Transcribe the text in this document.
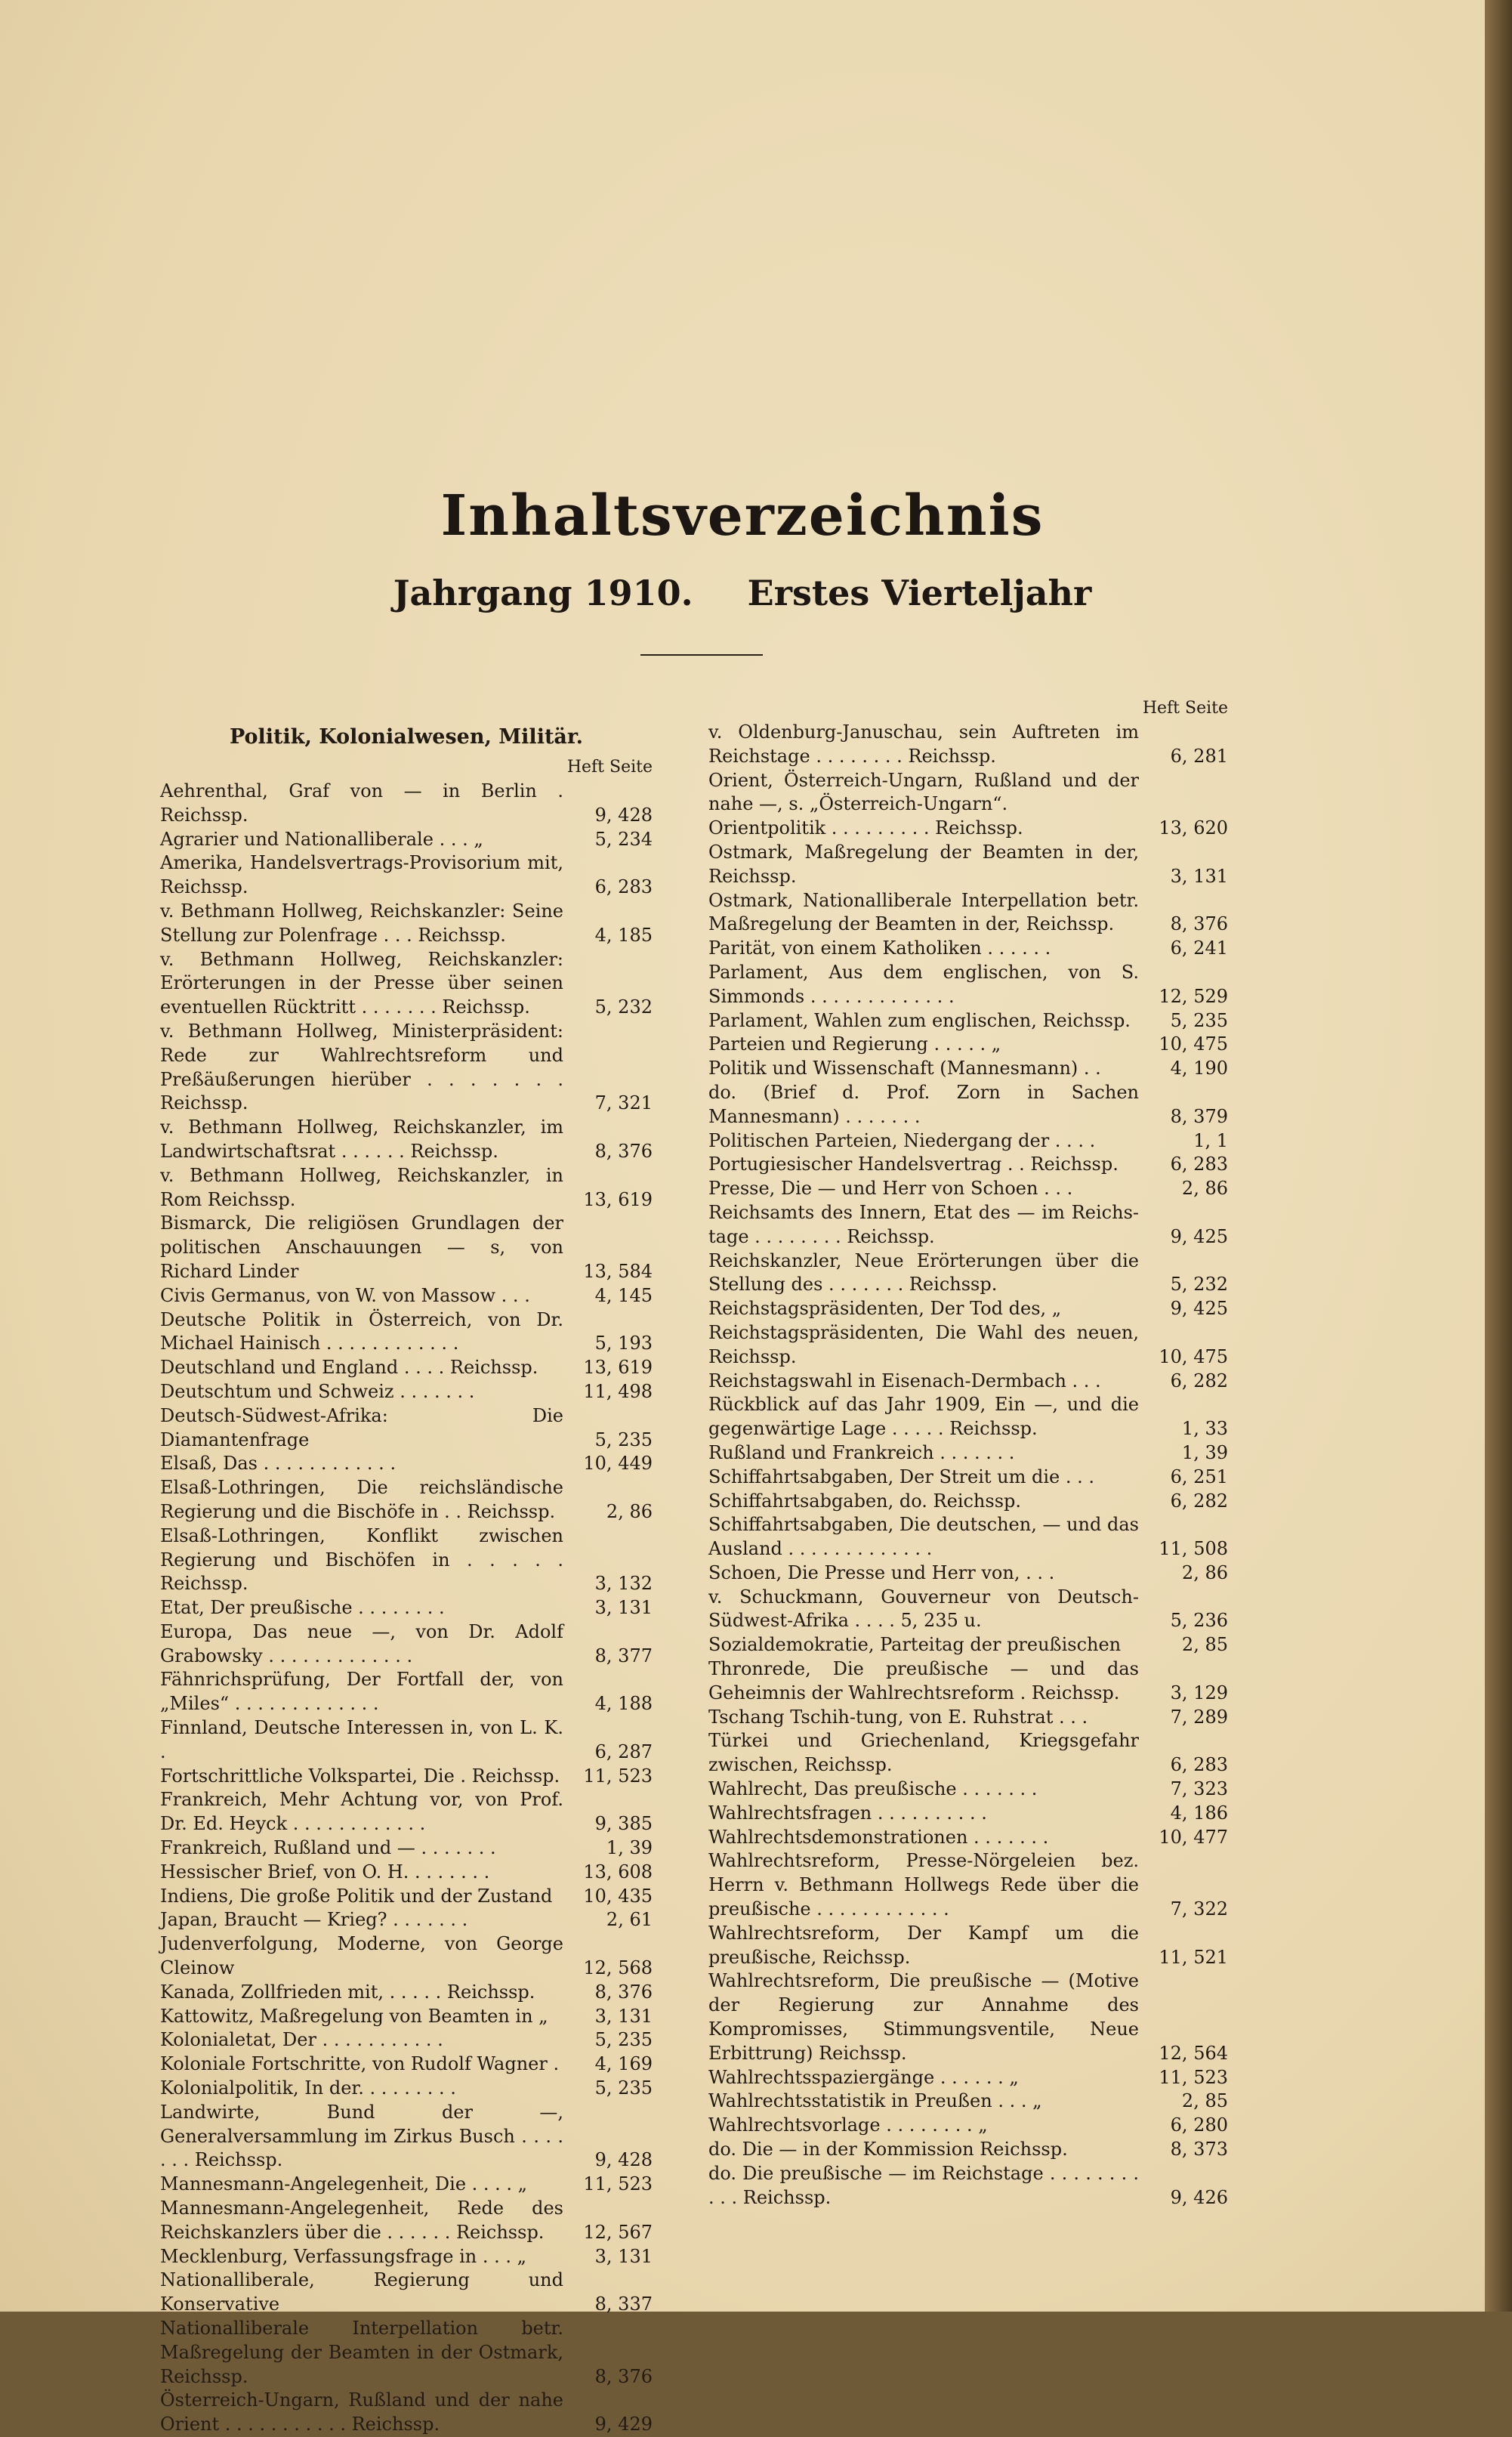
Inhaltsverzeichnis
Jahrgang 1910. Erstes Vierteljahr
Politik, Kolonialwesen, Militär.
Heft Seite
Aehrenthal, Graf von — in Berlin . Reichssp.	9, 428
Agrarier und Nationalliberale . . . „	5, 234
Amerika, Handelsvertrags-Provisorium mit, Reichssp.	6, 283
v. Bethmann Hollweg, Reichskanzler: Seine Stellung zur Polenfrage . . . Reichssp.	4, 185
v. Bethmann Hollweg, Reichskanzler: Erörterungen in der Presse über seinen eventuellen Rücktritt . . . . . . . Reichssp.	5, 232
v. Bethmann Hollweg, Ministerpräsident: Rede zur Wahlrechtsreform und Preßäußerungen hierüber . . . . . . . Reichssp.	7, 321
v. Bethmann Hollweg, Reichskanzler, im Landwirtschaftsrat . . . . . . Reichssp.	8, 376
v. Bethmann Hollweg, Reichskanzler, in Rom Reichssp.	13, 619
Bismarck, Die religiösen Grundlagen der politischen Anschauungen — s, von Richard Linder	13, 584
Civis Germanus, von W. von Massow . . .	4, 145
Deutsche Politik in Österreich, von Dr. Michael Hainisch . . . . . . . . . . . .	5, 193
Deutschland und England . . . . Reichssp.	13, 619
Deutschtum und Schweiz . . . . . . .	11, 498
Deutsch-Südwest-Afrika: Die Diamantenfrage	5, 235
Elsaß, Das . . . . . . . . . . . .	10, 449
Elsaß-Lothringen, Die reichsländische Regierung und die Bischöfe in . . Reichssp.	2, 86
Elsaß-Lothringen, Konflikt zwischen Regierung und Bischöfen in . . . . . Reichssp.	3, 132
Etat, Der preußische . . . . . . . .	3, 131
Europa, Das neue —, von Dr. Adolf Grabowsky . . . . . . . . . . . . .	8, 377
Fähnrichsprüfung, Der Fortfall der, von „Miles“ . . . . . . . . . . . . .	4, 188
Finnland, Deutsche Interessen in, von L. K. .	6, 287
Fortschrittliche Volkspartei, Die . Reichssp.	11, 523
Frankreich, Mehr Achtung vor, von Prof. Dr. Ed. Heyck . . . . . . . . . . . .	9, 385
Frankreich, Rußland und — . . . . . . .	1, 39
Hessischer Brief, von O. H. . . . . . . .	13, 608
Indiens, Die große Politik und der Zustand	10, 435
Japan, Braucht — Krieg? . . . . . . .	2, 61
Judenverfolgung, Moderne, von George Cleinow	12, 568
Kanada, Zollfrieden mit, . . . . . Reichssp.	8, 376
Kattowitz, Maßregelung von Beamten in „	3, 131
Kolonialetat, Der . . . . . . . . . . .	5, 235
Koloniale Fortschritte, von Rudolf Wagner .	4, 169
Kolonialpolitik, In der. . . . . . . . .	5, 235
Landwirte, Bund der —, Generalversammlung im Zirkus Busch . . . . . . . Reichssp.	9, 428
Mannesmann-Angelegenheit, Die . . . . „	11, 523
Mannesmann-Angelegenheit, Rede des Reichskanzlers über die . . . . . . Reichssp.	12, 567
Mecklenburg, Verfassungsfrage in . . . „	3, 131
Nationalliberale, Regierung und Konservative	8, 337
Nationalliberale Interpellation betr. Maßregelung der Beamten in der Ostmark, Reichssp.	8, 376
Österreich-Ungarn, Rußland und der nahe Orient . . . . . . . . . . . Reichssp.	9, 429
Heft Seite
v. Oldenburg-Januschau, sein Auftreten im Reichstage . . . . . . . . Reichssp.	6, 281
Orient, Österreich-Ungarn, Rußland und der nahe —, s. „Österreich-Ungarn“.
Orientpolitik . . . . . . . . . Reichssp.	13, 620
Ostmark, Maßregelung der Beamten in der, Reichssp.	3, 131
Ostmark, Nationalliberale Interpellation betr. Maßregelung der Beamten in der, Reichssp.	8, 376
Parität, von einem Katholiken . . . . . .	6, 241
Parlament, Aus dem englischen, von S. Simmonds . . . . . . . . . . . . .	12, 529
Parlament, Wahlen zum englischen, Reichssp.	5, 235
Parteien und Regierung . . . . . „	10, 475
Politik und Wissenschaft (Mannesmann) . .	4, 190
do. (Brief d. Prof. Zorn in Sachen Mannesmann) . . . . . . .	8, 379
Politischen Parteien, Niedergang der . . . .	1, 1
Portugiesischer Handelsvertrag . . Reichssp.	6, 283
Presse, Die — und Herr von Schoen . . .	2, 86
Reichsamts des Innern, Etat des — im Reichs-tage . . . . . . . . Reichssp.	9, 425
Reichskanzler, Neue Erörterungen über die Stellung des . . . . . . . Reichssp.	5, 232
Reichstagspräsidenten, Der Tod des, „	9, 425
Reichstagspräsidenten, Die Wahl des neuen, Reichssp.	10, 475
Reichstagswahl in Eisenach-Dermbach . . .	6, 282
Rückblick auf das Jahr 1909, Ein —, und die gegenwärtige Lage . . . . . Reichssp.	1, 33
Rußland und Frankreich . . . . . . .	1, 39
Schiffahrtsabgaben, Der Streit um die . . .	6, 251
Schiffahrtsabgaben, do. Reichssp.	6, 282
Schiffahrtsabgaben, Die deutschen, — und das Ausland . . . . . . . . . . . . .	11, 508
Schoen, Die Presse und Herr von, . . .	2, 86
v. Schuckmann, Gouverneur von Deutsch-Südwest-Afrika . . . . 5, 235 u.	5, 236
Sozialdemokratie, Parteitag der preußischen	2, 85
Thronrede, Die preußische — und das Geheimnis der Wahlrechtsreform . Reichssp.	3, 129
Tschang Tschih-tung, von E. Ruhstrat . . .	7, 289
Türkei und Griechenland, Kriegsgefahr zwischen, Reichssp.	6, 283
Wahlrecht, Das preußische . . . . . . .	7, 323
Wahlrechtsfragen . . . . . . . . . .	4, 186
Wahlrechtsdemonstrationen . . . . . . .	10, 477
Wahlrechtsreform, Presse-Nörgeleien bez. Herrn v. Bethmann Hollwegs Rede über die preußische . . . . . . . . . . . .	7, 322
Wahlrechtsreform, Der Kampf um die preußische, Reichssp.	11, 521
Wahlrechtsreform, Die preußische — (Motive der Regierung zur Annahme des Kompromisses, Stimmungsventile, Neue Erbittrung) Reichssp.	12, 564
Wahlrechtsspaziergänge . . . . . . „	11, 523
Wahlrechtsstatistik in Preußen . . . „	2, 85
Wahlrechtsvorlage . . . . . . . . „	6, 280
do. Die — in der Kommission Reichssp.	8, 373
do. Die preußische — im Reichstage . . . . . . . . . . . Reichssp.	9, 426
